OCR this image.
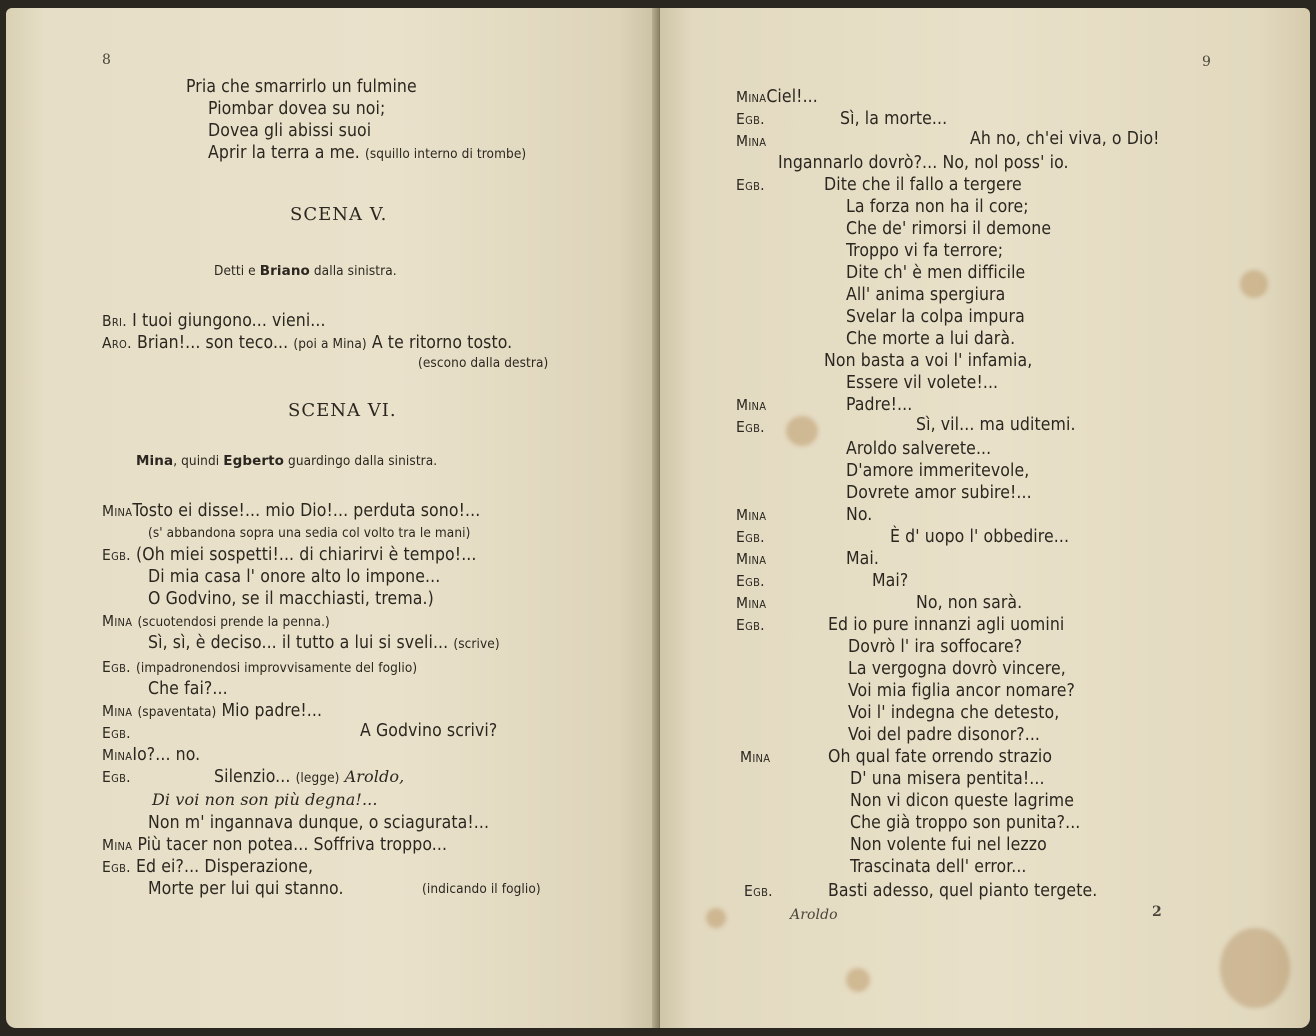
8
Pria che smarrirlo un fulmine
Piombar dovea su noi;
Dovea gli abissi suoi
Aprir la terra a me. (squillo interno di trombe)
SCENA V.
Detti e Briano dalla sinistra.
Bri. I tuoi giungono... vieni...
Aro. Brian!... son teco... (poi a Mina) A te ritorno tosto.
(escono dalla destra)
SCENA VI.
Mina, quindi Egberto guardingo dalla sinistra.
MinaTosto ei disse!... mio Dio!... perduta sono!...
(s' abbandona sopra una sedia col volto tra le mani)
Egb. (Oh miei sospetti!... di chiarirvi è tempo!...
Di mia casa l' onore alto lo impone...
O Godvino, se il macchiasti, trema.)
Mina (scuotendosi prende la penna.)
Sì, sì, è deciso... il tutto a lui si sveli... (scrive)
Egb. (impadronendosi improvvisamente del foglio)
Che fai?...
Mina (spaventata) Mio padre!...
Egb.	A Godvino scrivi?
MinaIo?... no.
Egb.	Silenzio... (legge) Aroldo,
Di voi non son più degna!...
Non m' ingannava dunque, o sciagurata!...
Mina Più tacer non potea... Soffriva troppo...
Egb. Ed ei?... Disperazione,
Morte per lui qui stanno.	(indicando il foglio)
9
MinaCiel!...
Egb.	Sì, la morte...
Mina	Ah no, ch'ei viva, o Dio!
Ingannarlo dovrò?... No, nol poss' io.
Egb.	Dite che il fallo a tergere
La forza non ha il core;
Che de' rimorsi il demone
Troppo vi fa terrore;
Dite ch' è men difficile
All' anima spergiura
Svelar la colpa impura
Che morte a lui darà.
Non basta a voi l' infamia,
Essere vil volete!...
Mina	Padre!...
Egb.	Sì, vil... ma uditemi.
Aroldo salverete...
D'amore immeritevole,
Dovrete amor subire!...
Mina	No.
Egb.	È d' uopo l' obbedire...
Mina	Mai.
Egb.	Mai?
Mina	No, non sarà.
Egb.	Ed io pure innanzi agli uomini
Dovrò l' ira soffocare?
La vergogna dovrò vincere,
Voi mia figlia ancor nomare?
Voi l' indegna che detesto,
Voi del padre disonor?...
Mina	Oh qual fate orrendo strazio
D' una misera pentita!...
Non vi dicon queste lagrime
Che già troppo son punita?...
Non volente fui nel lezzo
Trascinata dell' error...
Egb.	Basti adesso, quel pianto tergete.
Aroldo	2
